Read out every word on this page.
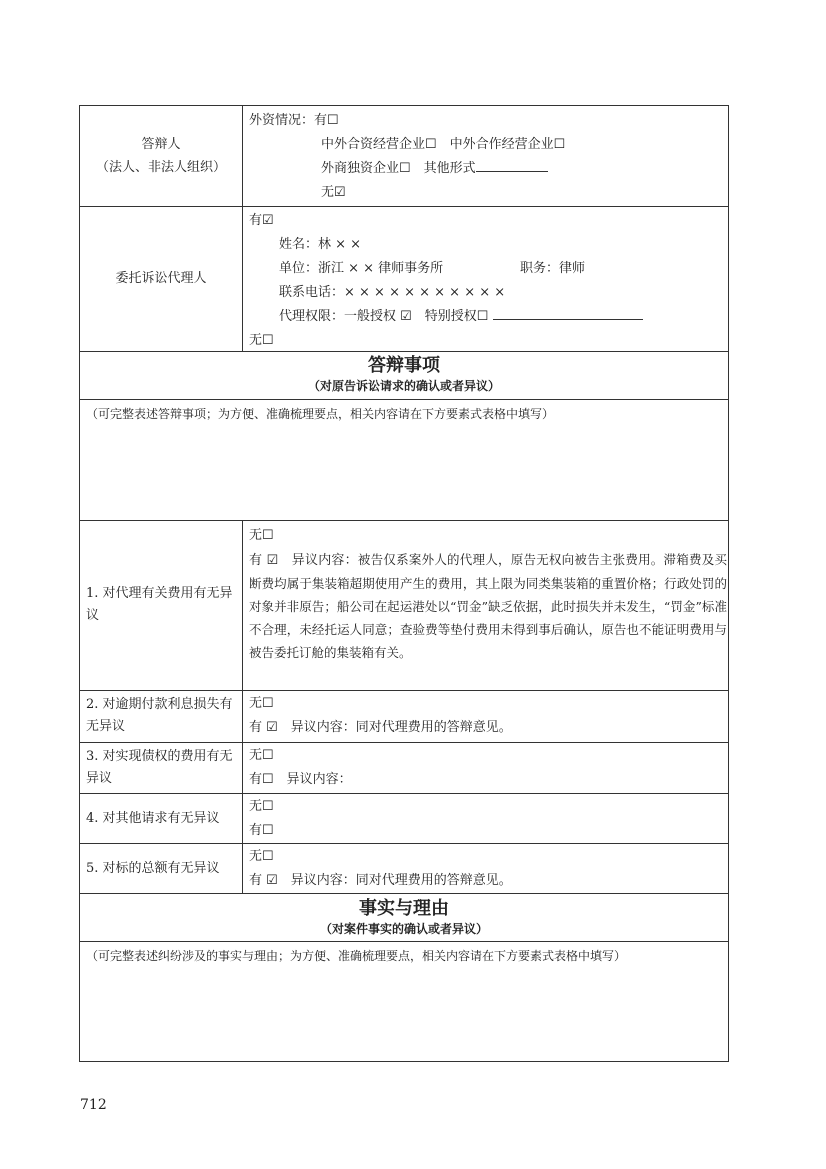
答辩人
（法人、非法人组织）
外资情况：有☐
中外合资经营企业☐　中外合作经营企业☐
外商独资企业☐　其他形式
无☑
委托诉讼代理人
有☑
姓名：林 × ×
单位：浙江 × × 律师事务所	职务：律师
联系电话：× × × × × × × × × × ×
代理权限：一般授权 ☑　特别授权☐
无☐
答辩事项
（对原告诉讼请求的确认或者异议）
（可完整表述答辩事项；为方便、准确梳理要点，相关内容请在下方要素式表格中填写）
1. 对代理有关费用有无异议
无☐
有 ☑　异议内容：被告仅系案外人的代理人，原告无权向被告主张费用。滞箱费及买断费均属于集装箱超期使用产生的费用，其上限为同类集装箱的重置价格；行政处罚的对象并非原告；船公司在起运港处以“罚金”缺乏依据，此时损失并未发生，“罚金”标准不合理，未经托运人同意；查验费等垫付费用未得到事后确认，原告也不能证明费用与被告委托订舱的集装箱有关。
2. 对逾期付款利息损失有无异议
无☐
有 ☑　异议内容：同对代理费用的答辩意见。
3. 对实现债权的费用有无异议
无☐
有☐　异议内容：
4. 对其他请求有无异议
无☐
有☐
5. 对标的总额有无异议
无☐
有 ☑　异议内容：同对代理费用的答辩意见。
事实与理由
（对案件事实的确认或者异议）
（可完整表述纠纷涉及的事实与理由；为方便、准确梳理要点，相关内容请在下方要素式表格中填写）
712
